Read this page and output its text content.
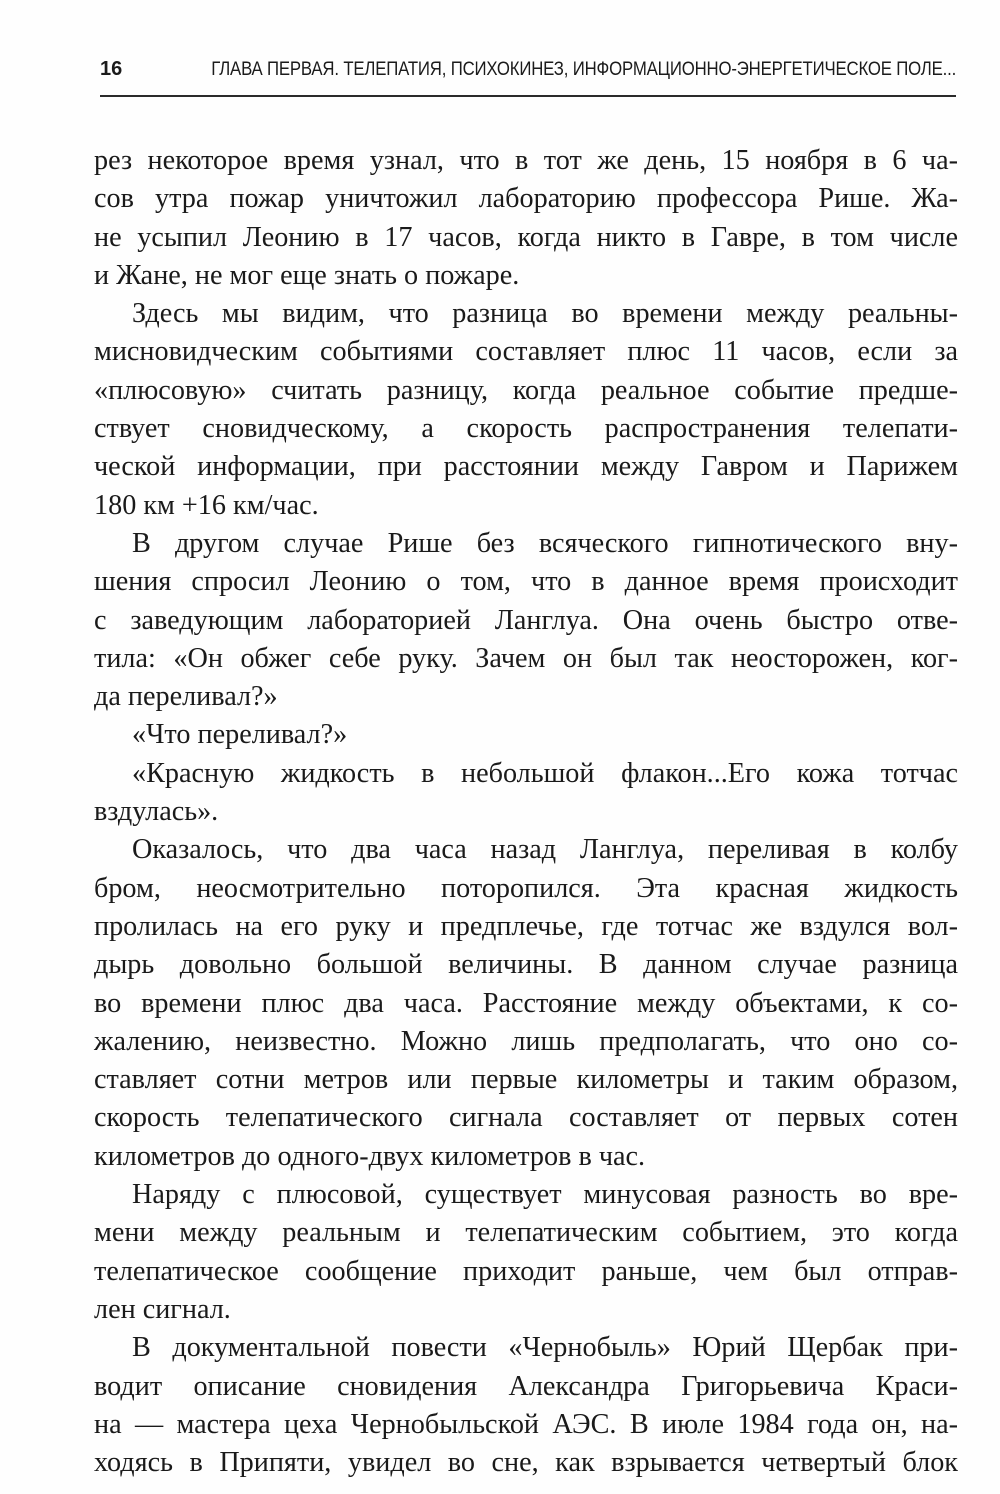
16	ГЛАВА ПЕРВАЯ. ТЕЛЕПАТИЯ, ПСИХОКИНЕЗ, ИНФОРМАЦИОННО-ЭНЕРГЕТИЧЕСКОЕ ПОЛЕ...
рез некоторое время узнал, что в тот же день, 15 ноября в 6 ча-
сов утра пожар уничтожил лабораторию профессора Рише. Жа-
не усыпил Леонию в 17 часов, когда никто в Гавре, в том числе
и Жане, не мог еще знать о пожаре.
Здесь мы видим, что разница во времени между реальны-
мисновидческим событиями составляет плюс 11 часов, если за
«плюсовую» считать разницу, когда реальное событие предше-
ствует сновидческому, а скорость распространения телепати-
ческой информации, при расстоянии между Гавром и Парижем
180 км +16 км/час.
В другом случае Рише без всяческого гипнотического вну-
шения спросил Леонию о том, что в данное время происходит
с заведующим лабораторией Ланглуа. Она очень быстро отве-
тила: «Он обжег себе руку. Зачем он был так неосторожен, ког-
да переливал?»
«Что переливал?»
«Красную жидкость в небольшой флакон...Его кожа тотчас
вздулась».
Оказалось, что два часа назад Ланглуа, переливая в колбу
бром, неосмотрительно поторопился. Эта красная жидкость
пролилась на его руку и предплечье, где тотчас же вздулся вол-
дырь довольно большой величины. В данном случае разница
во времени плюс два часа. Расстояние между объектами, к со-
жалению, неизвестно. Можно лишь предполагать, что оно со-
ставляет сотни метров или первые километры и таким образом,
скорость телепатического сигнала составляет от первых сотен
километров до одного-двух километров в час.
Наряду с плюсовой, существует минусовая разность во вре-
мени между реальным и телепатическим событием, это когда
телепатическое сообщение приходит раньше, чем был отправ-
лен сигнал.
В документальной повести «Чернобыль» Юрий Щербак при-
водит описание сновидения Александра Григорьевича Краси-
на — мастера цеха Чернобыльской АЭС. В июле 1984 года он, на-
ходясь в Припяти, увидел во сне, как взрывается четвертый блок
